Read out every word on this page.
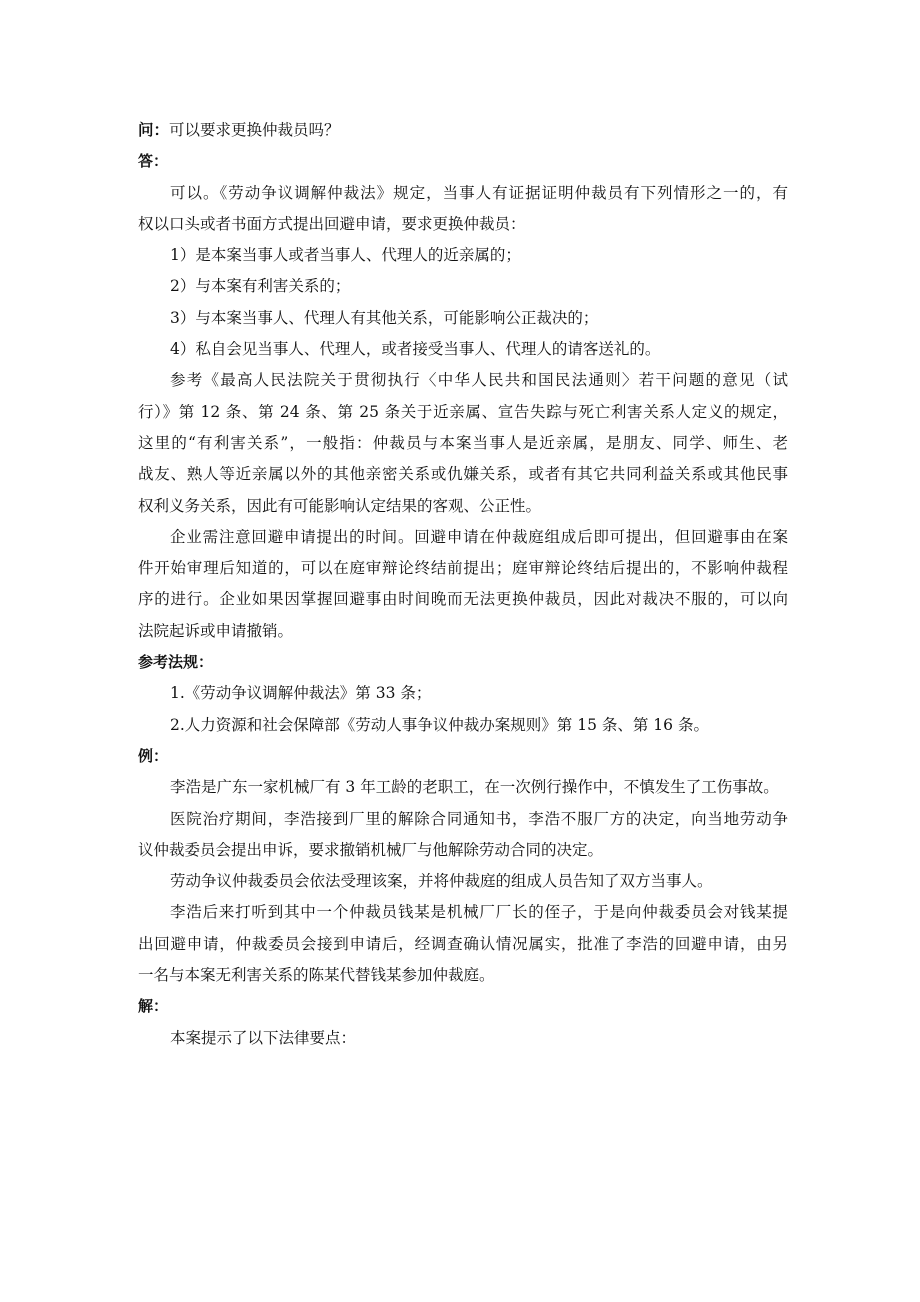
问：可以要求更换仲裁员吗？
答：
可以。《劳动争议调解仲裁法》规定，当事人有证据证明仲裁员有下列情形之一的，有
权以口头或者书面方式提出回避申请，要求更换仲裁员：
1）是本案当事人或者当事人、代理人的近亲属的；
2）与本案有利害关系的；
3）与本案当事人、代理人有其他关系，可能影响公正裁决的；
4）私自会见当事人、代理人，或者接受当事人、代理人的请客送礼的。
参考《最高人民法院关于贯彻执行〈中华人民共和国民法通则〉若干问题的意见（试
行）》第 12 条、第 24 条、第 25 条关于近亲属、宣告失踪与死亡利害关系人定义的规定，
这里的“有利害关系”，一般指：仲裁员与本案当事人是近亲属，是朋友、同学、师生、老
战友、熟人等近亲属以外的其他亲密关系或仇嫌关系，或者有其它共同利益关系或其他民事
权利义务关系，因此有可能影响认定结果的客观、公正性。
企业需注意回避申请提出的时间。回避申请在仲裁庭组成后即可提出，但回避事由在案
件开始审理后知道的，可以在庭审辩论终结前提出；庭审辩论终结后提出的，不影响仲裁程
序的进行。企业如果因掌握回避事由时间晚而无法更换仲裁员，因此对裁决不服的，可以向
法院起诉或申请撤销。
参考法规：
1.《劳动争议调解仲裁法》第 33 条；
2.人力资源和社会保障部《劳动人事争议仲裁办案规则》第 15 条、第 16 条。
例：
李浩是广东一家机械厂有 3 年工龄的老职工，在一次例行操作中，不慎发生了工伤事故。
医院治疗期间，李浩接到厂里的解除合同通知书，李浩不服厂方的决定，向当地劳动争
议仲裁委员会提出申诉，要求撤销机械厂与他解除劳动合同的决定。
劳动争议仲裁委员会依法受理该案，并将仲裁庭的组成人员告知了双方当事人。
李浩后来打听到其中一个仲裁员钱某是机械厂厂长的侄子，于是向仲裁委员会对钱某提
出回避申请，仲裁委员会接到申请后，经调查确认情况属实，批准了李浩的回避申请，由另
一名与本案无利害关系的陈某代替钱某参加仲裁庭。
解：
本案提示了以下法律要点：
